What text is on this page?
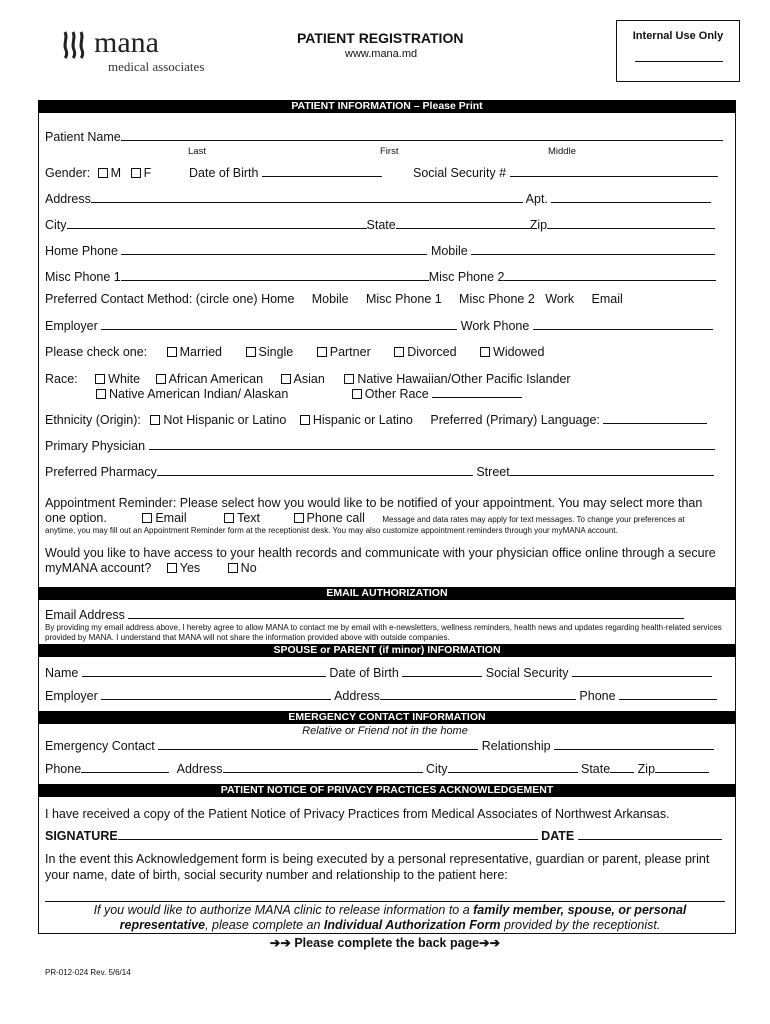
mana
medical associates
PATIENT REGISTRATION
www.mana.md
Internal Use Only
PATIENT INFORMATION – Please Print
Patient Name
Last	First	Middle
Gender: M F	Date of Birth	Social Security #
Address	Apt.
City	State	Zip
Home Phone	Mobile
Misc Phone 1	Misc Phone 2
Preferred Contact Method: (circle one) Home     Mobile     Misc Phone 1     Misc Phone 2   Work     Email
Employer	Work Phone
Please check one:	Married	Single	Partner	Divorced	Widowed
Race: White African American Asian	Native Hawaiian/Other Pacific Islander
Native American Indian/ Alaskan	Other Race
Ethnicity (Origin): Not Hispanic or Latino Hispanic or Latino Preferred (Primary) Language:
Primary Physician
Preferred Pharmacy	Street
Appointment Reminder: Please select how you would like to be notified of your appointment. You may select more than
one option.	Email	Text	Phone call Message and data rates may apply for text messages. To change your preferences at
anytime, you may fill out an Appointment Reminder form at the receptionist desk. You may also customize appointment reminders through your myMANA account.
Would you like to have access to your health records and communicate with your physician office online through a secure
myMANA account? Yes	No
EMAIL AUTHORIZATION
Email Address
By providing my email address above, I hereby agree to allow MANA to contact me by email with e-newsletters, wellness reminders, health news and updates regarding health-related services provided by MANA. I understand that MANA will not share the information provided above with outside companies.
SPOUSE or PARENT (if minor) INFORMATION
Name	Date of Birth	Social Security
Employer	Address	Phone
EMERGENCY CONTACT INFORMATION
Relative or Friend not in the home
Emergency Contact	Relationship
Phone	Address	City	State Zip
PATIENT NOTICE OF PRIVACY PRACTICES ACKNOWLEDGEMENT
I have received a copy of the Patient Notice of Privacy Practices from Medical Associates of Northwest Arkansas.
SIGNATURE	DATE
In the event this Acknowledgement form is being executed by a personal representative, guardian or parent, please print your name, date of birth, social security number and relationship to the patient here:
If you would like to authorize MANA clinic to release information to a family member, spouse, or personal representative, please complete an Individual Authorization Form provided by the receptionist.
➔➔ Please complete the back page➔➔
PR-012-024 Rev. 5/6/14
